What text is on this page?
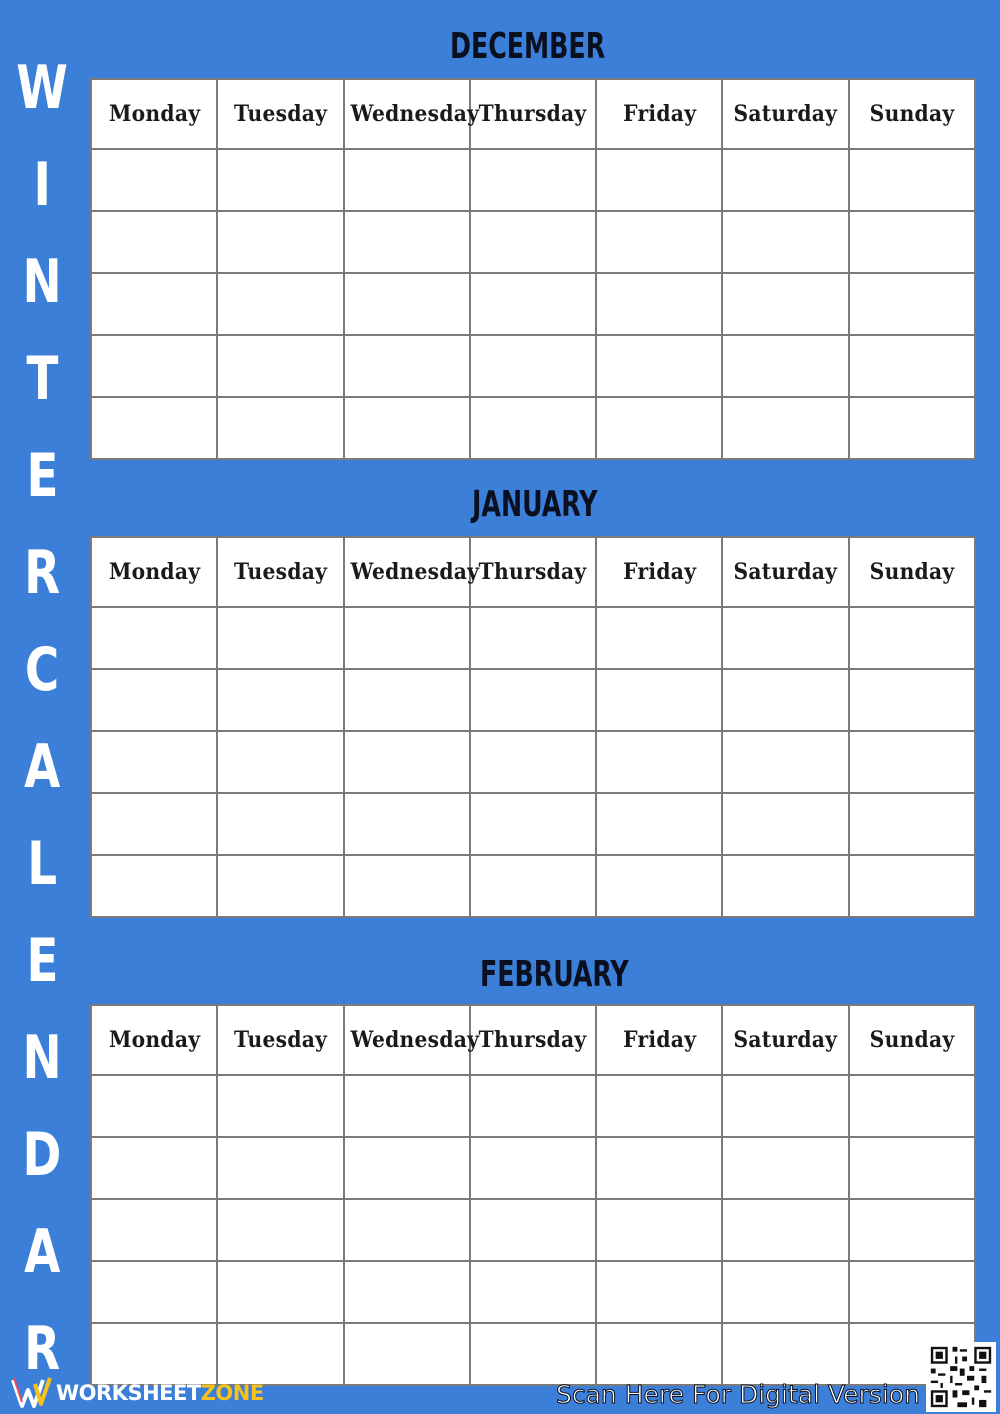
W
I
N
T
E
R
C
A
L
E
N
D
A
R
DECEMBER
Monday	Tuesday	Wednesday	Thursday	Friday	Saturday	Sunday

JANUARY
Monday	Tuesday	Wednesday	Thursday	Friday	Saturday	Sunday

FEBRUARY
Monday	Tuesday	Wednesday	Thursday	Friday	Saturday	Sunday

WORKSHEETZONE	Scan Here For Digital Version
